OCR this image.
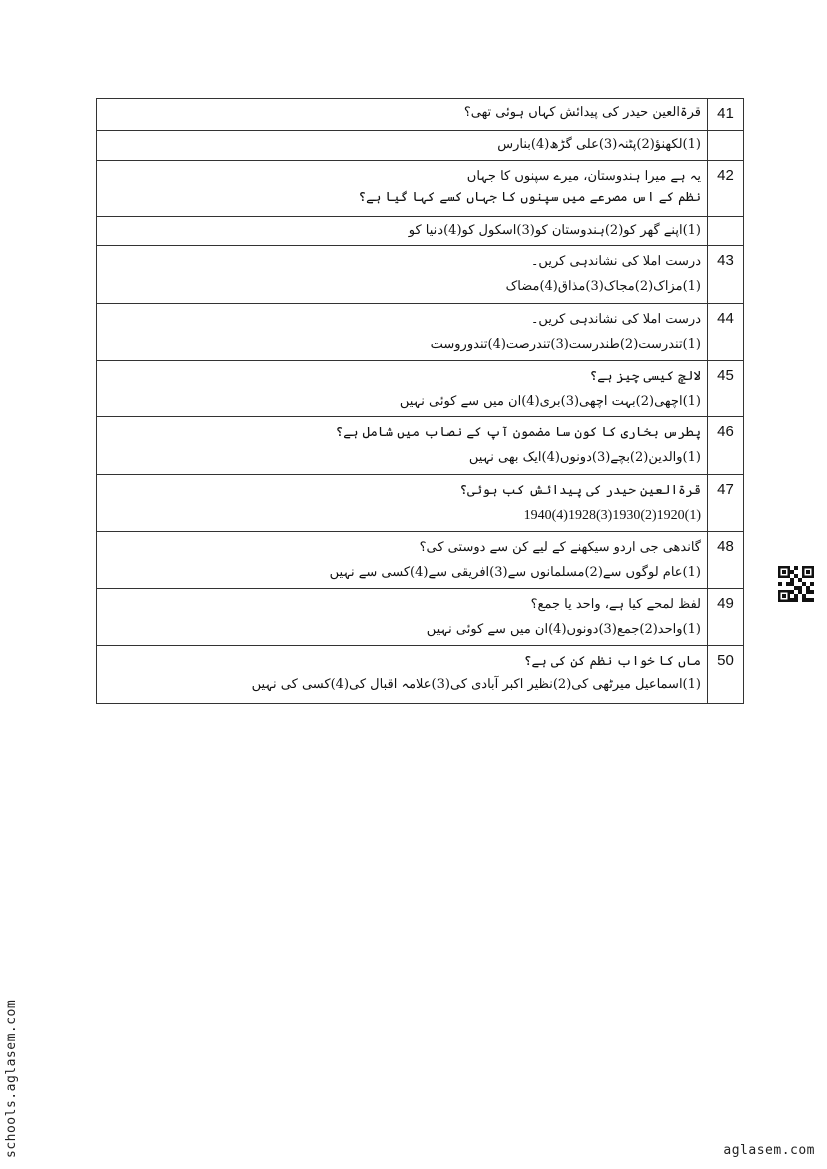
قرۃالعین حیدر کی پیدائش کہاں ہوئی تھی؟	41

(1)لکھنؤ(2)پٹنہ(3)علی گڑھ(4)بنارس	

یہ ہے میرا ہندوستان، میرے سپنوں کا جہاں
نظم کے اس مصرعے میں سپنوں کا جہاں کسے کہا گیا ہے؟	42

(1)اپنے گھر کو(2)ہندوستان کو(3)اسکول کو(4)دنیا کو	

درست املا کی نشاندہی کریں۔
(1)مزاک(2)مجاک(3)مذاق(4)مضاک	43

درست املا کی نشاندہی کریں۔
(1)تندرست(2)طندرست(3)تندرصت(4)تندوروست	44

لالچ کیسی چیز ہے؟
(1)اچھی(2)بہت اچھی(3)بری(4)ان میں سے کوئی نہیں	45

پطرس بخاری کا کون سا مضمون آپ کے نصاب میں شامل ہے؟
(1)والدین(2)بچے(3)دونوں(4)ایک بھی نہیں	46

قرۃالعین حیدر کی پیدائش کب ہوئی؟
(1)1920(2)1930(3)1928(4)1940	47

گاندھی جی اردو سیکھنے کے لیے کن سے دوستی کی؟
(1)عام لوگوں سے(2)مسلمانوں سے(3)افریقی سے(4)کسی سے نہیں	48

لفظ لمحے کیا ہے، واحد یا جمع؟
(1)واحد(2)جمع(3)دونوں(4)ان میں سے کوئی نہیں	49

ماں کا خواب نظم کن کی ہے؟
(1)اسماعیل میرٹھی کی(2)نظیر اکبر آبادی کی(3)علامہ اقبال کی(4)کسی کی نہیں	50
schools.aglasem.com	aglasem.com
